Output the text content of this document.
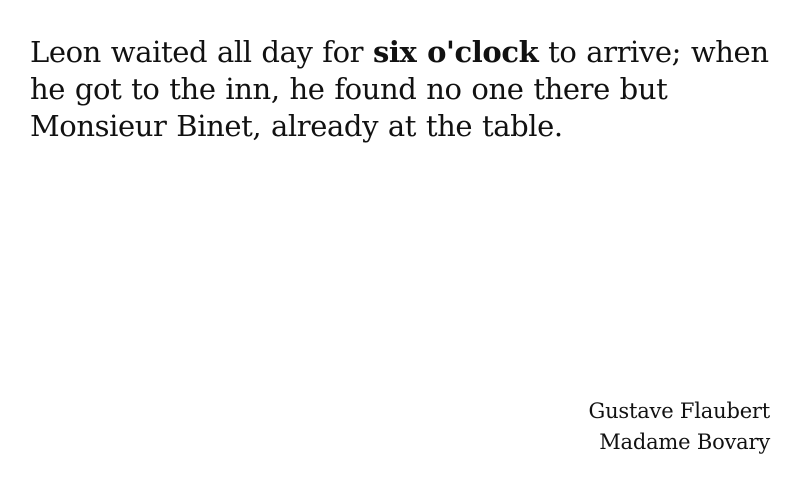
Leon waited all day for six o'clock to arrive; when he got to the inn, he found no one there but Monsieur Binet, already at the table.

Gustave Flaubert
Madame Bovary
